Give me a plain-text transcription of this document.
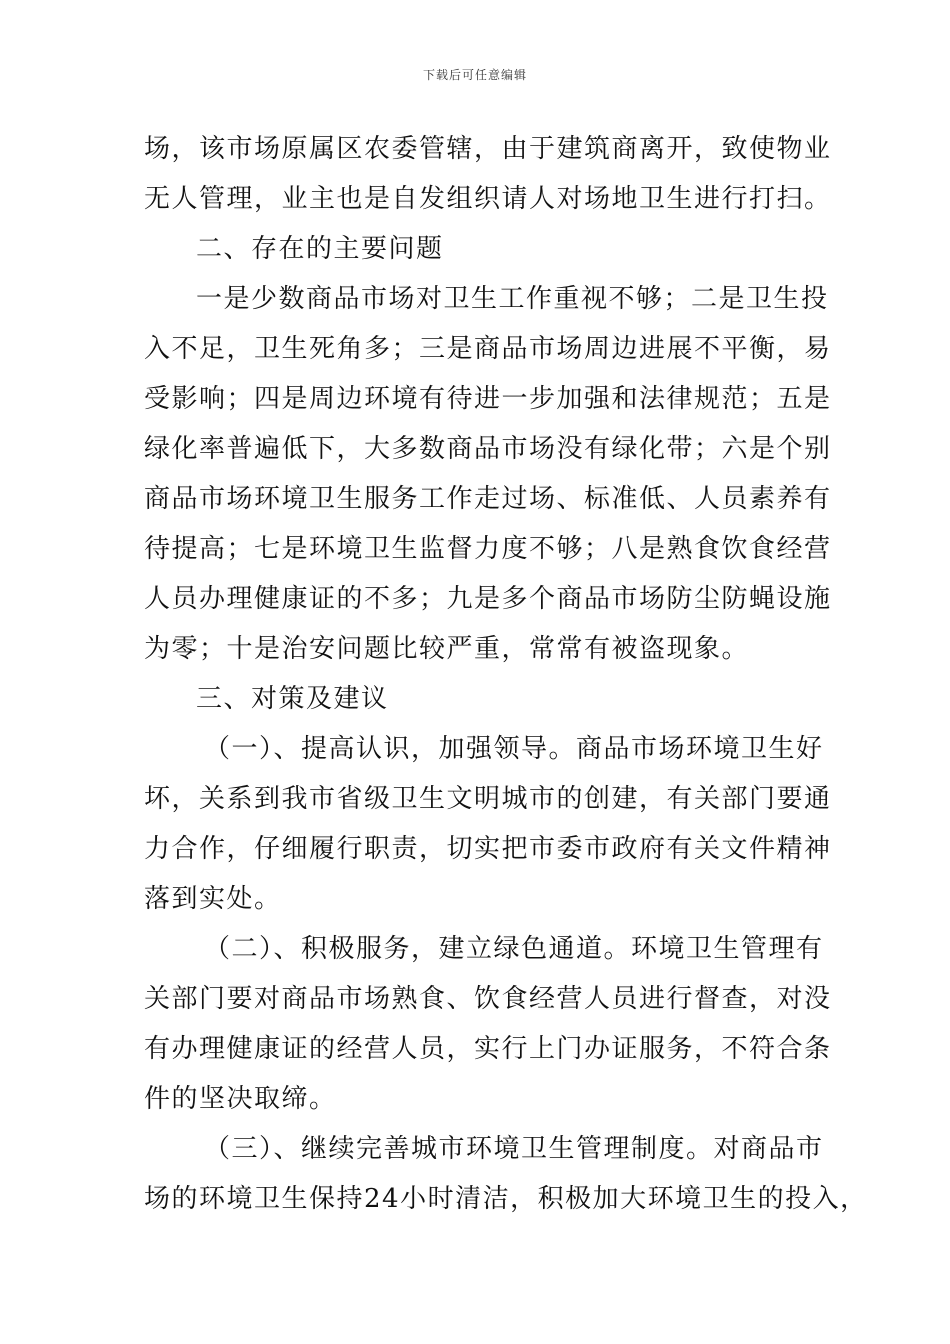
下载后可任意编辑
场，该市场原属区农委管辖，由于建筑商离开，致使物业
无人管理，业主也是自发组织请人对场地卫生进行打扫。
二、存在的主要问题
一是少数商品市场对卫生工作重视不够；二是卫生投
入不足，卫生死角多；三是商品市场周边进展不平衡，易
受影响；四是周边环境有待进一步加强和法律规范；五是
绿化率普遍低下，大多数商品市场没有绿化带；六是个别
商品市场环境卫生服务工作走过场、标准低、人员素养有
待提高；七是环境卫生监督力度不够；八是熟食饮食经营
人员办理健康证的不多；九是多个商品市场防尘防蝇设施
为零；十是治安问题比较严重，常常有被盗现象。
三、对策及建议
（一）、提高认识，加强领导。商品市场环境卫生好
坏，关系到我市省级卫生文明城市的创建，有关部门要通
力合作，仔细履行职责，切实把市委市政府有关文件精神
落到实处。
（二）、积极服务，建立绿色通道。环境卫生管理有
关部门要对商品市场熟食、饮食经营人员进行督查，对没
有办理健康证的经营人员，实行上门办证服务，不符合条
件的坚决取缔。
（三）、继续完善城市环境卫生管理制度。对商品市
场的环境卫生保持24小时清洁，积极加大环境卫生的投入，
